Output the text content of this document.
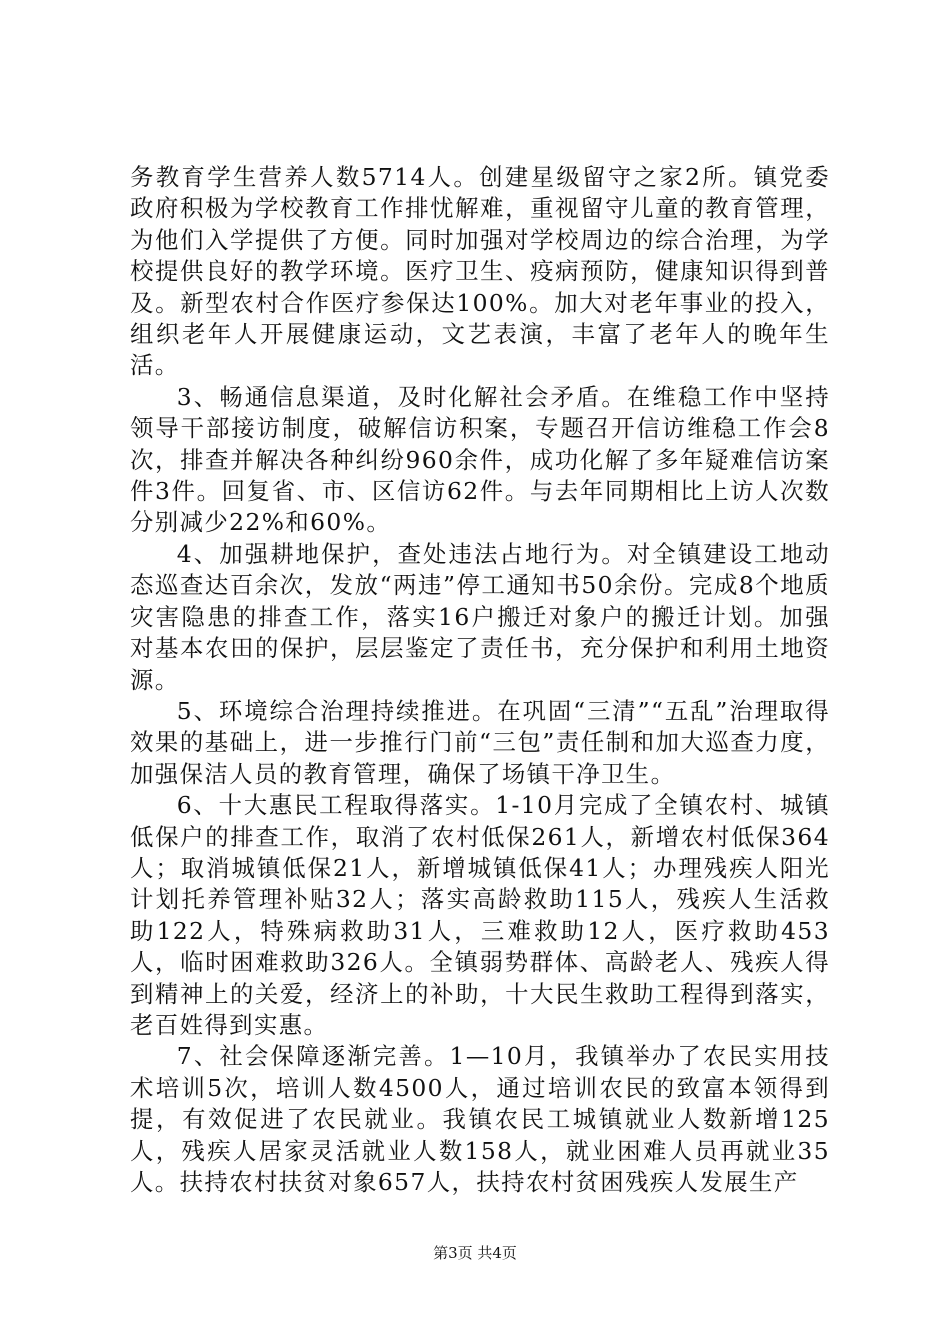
务教育学生营养人数5714人。创建星级留守之家2所。镇党委政府积极为学校教育工作排忧解难，重视留守儿童的教育管理，为他们入学提供了方便。同时加强对学校周边的综合治理，为学校提供良好的教学环境。医疗卫生、疫病预防，健康知识得到普及。新型农村合作医疗参保达100%。加大对老年事业的投入，组织老年人开展健康运动，文艺表演，丰富了老年人的晚年生活。

3、畅通信息渠道，及时化解社会矛盾。在维稳工作中坚持领导干部接访制度，破解信访积案，专题召开信访维稳工作会8次，排查并解决各种纠纷960余件，成功化解了多年疑难信访案件3件。回复省、市、区信访62件。与去年同期相比上访人次数分别减少22%和60%。

4、加强耕地保护，查处违法占地行为。对全镇建设工地动态巡查达百余次，发放“两违”停工通知书50余份。完成8个地质灾害隐患的排查工作，落实16户搬迁对象户的搬迁计划。加强对基本农田的保护，层层鉴定了责任书，充分保护和利用土地资源。

5、环境综合治理持续推进。在巩固“三清”“五乱”治理取得效果的基础上，进一步推行门前“三包”责任制和加大巡查力度，加强保洁人员的教育管理，确保了场镇干净卫生。

6、十大惠民工程取得落实。1-10月完成了全镇农村、城镇低保户的排查工作，取消了农村低保261人，新增农村低保364人；取消城镇低保21人，新增城镇低保41人；办理残疾人阳光计划托养管理补贴32人；落实高龄救助115人，残疾人生活救助122人，特殊病救助31人，三难救助12人，医疗救助453人，临时困难救助326人。全镇弱势群体、高龄老人、残疾人得到精神上的关爱，经济上的补助，十大民生救助工程得到落实，老百姓得到实惠。

7、社会保障逐渐完善。1—10月，我镇举办了农民实用技术培训5次，培训人数4500人，通过培训农民的致富本领得到提，有效促进了农民就业。我镇农民工城镇就业人数新增125人，残疾人居家灵活就业人数158人，就业困难人员再就业35人。扶持农村扶贫对象657人，扶持农村贫困残疾人发展生产

第3页 共4页
